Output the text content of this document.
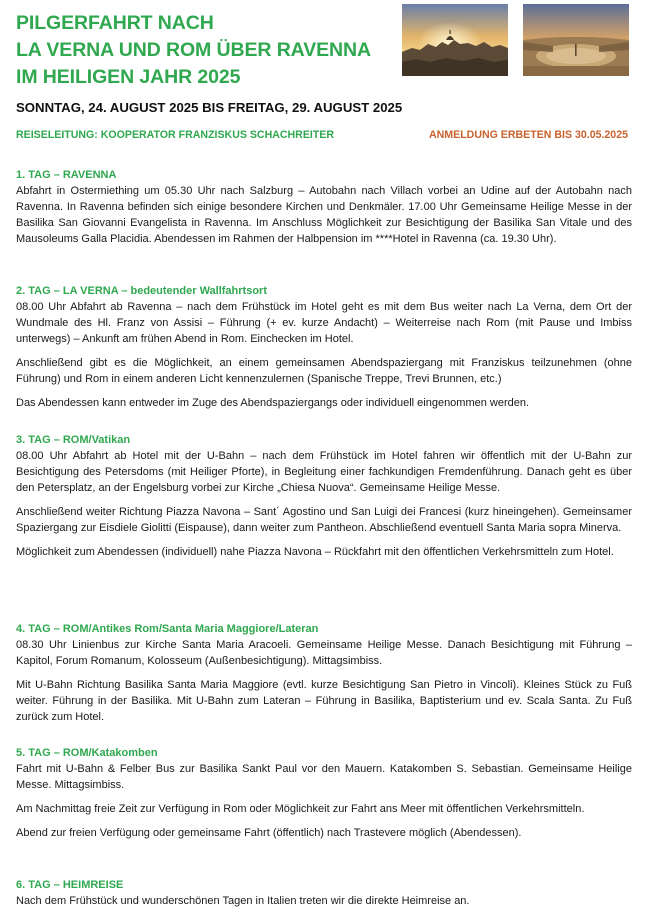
PILGERFAHRT NACH
LA VERNA UND ROM ÜBER RAVENNA
IM HEILIGEN JAHR 2025
SONNTAG, 24. AUGUST 2025 BIS FREITAG, 29. AUGUST 2025
REISELEITUNG: KOOPERATOR FRANZISKUS SCHACHREITER	ANMELDUNG ERBETEN BIS 30.05.2025
1. TAG – RAVENNA

Abfahrt in Ostermiething um 05.30 Uhr nach Salzburg – Autobahn nach Villach vorbei an Udine auf der Autobahn nach Ravenna. In Ravenna befinden sich einige besondere Kirchen und Denkmäler. 17.00 Uhr Gemeinsame Heilige Messe in der Basilika San Giovanni Evangelista in Ravenna. Im Anschluss Möglichkeit zur Besichtigung der Basilika San Vitale und des Mausoleums Galla Placidia. Abendessen im Rahmen der Halbpension im ****Hotel in Ravenna (ca. 19.30 Uhr).

2. TAG – LA VERNA – bedeutender Wallfahrtsort

08.00 Uhr Abfahrt ab Ravenna – nach dem Frühstück im Hotel geht es mit dem Bus weiter nach La Verna, dem Ort der Wundmale des Hl. Franz von Assisi – Führung (+ ev. kurze Andacht) – Weiterreise nach Rom (mit Pause und Imbiss unterwegs) – Ankunft am frühen Abend in Rom. Einchecken im Hotel.

Anschließend gibt es die Möglichkeit, an einem gemeinsamen Abendspaziergang mit Franziskus teilzunehmen (ohne Führung) und Rom in einem anderen Licht kennenzulernen (Spanische Treppe, Trevi Brunnen, etc.)

Das Abendessen kann entweder im Zuge des Abendspaziergangs oder individuell eingenommen werden.

3. TAG – ROM/Vatikan

08.00 Uhr Abfahrt ab Hotel mit der U-Bahn – nach dem Frühstück im Hotel fahren wir öffentlich mit der U-Bahn zur Besichtigung des Petersdoms (mit Heiliger Pforte), in Begleitung einer fachkundigen Fremdenführung. Danach geht es über den Petersplatz, an der Engelsburg vorbei zur Kirche „Chiesa Nuova“. Gemeinsame Heilige Messe.

Anschließend weiter Richtung Piazza Navona – Sant´ Agostino und San Luigi dei Francesi (kurz hineingehen). Gemeinsamer Spaziergang zur Eisdiele Giolitti (Eispause), dann weiter zum Pantheon. Abschließend eventuell Santa Maria sopra Minerva.

Möglichkeit zum Abendessen (individuell) nahe Piazza Navona – Rückfahrt mit den öffentlichen Verkehrsmitteln zum Hotel.

4. TAG – ROM/Antikes Rom/Santa Maria Maggiore/Lateran

08.30 Uhr Linienbus zur Kirche Santa Maria Aracoeli. Gemeinsame Heilige Messe. Danach Besichtigung mit Führung – Kapitol, Forum Romanum, Kolosseum (Außenbesichtigung). Mittagsimbiss.

Mit U-Bahn Richtung Basilika Santa Maria Maggiore (evtl. kurze Besichtigung San Pietro in Vincoli). Kleines Stück zu Fuß weiter. Führung in der Basilika. Mit U-Bahn zum Lateran – Führung in Basilika, Baptisterium und ev. Scala Santa. Zu Fuß zurück zum Hotel.

5. TAG – ROM/Katakomben

Fahrt mit U-Bahn & Felber Bus zur Basilika Sankt Paul vor den Mauern. Katakomben S. Sebastian. Gemeinsame Heilige Messe. Mittagsimbiss.

Am Nachmittag freie Zeit zur Verfügung in Rom oder Möglichkeit zur Fahrt ans Meer mit öffentlichen Verkehrsmitteln.

Abend zur freien Verfügung oder gemeinsame Fahrt (öffentlich) nach Trastevere möglich (Abendessen).

6. TAG – HEIMREISE

Nach dem Frühstück und wunderschönen Tagen in Italien treten wir die direkte Heimreise an.
